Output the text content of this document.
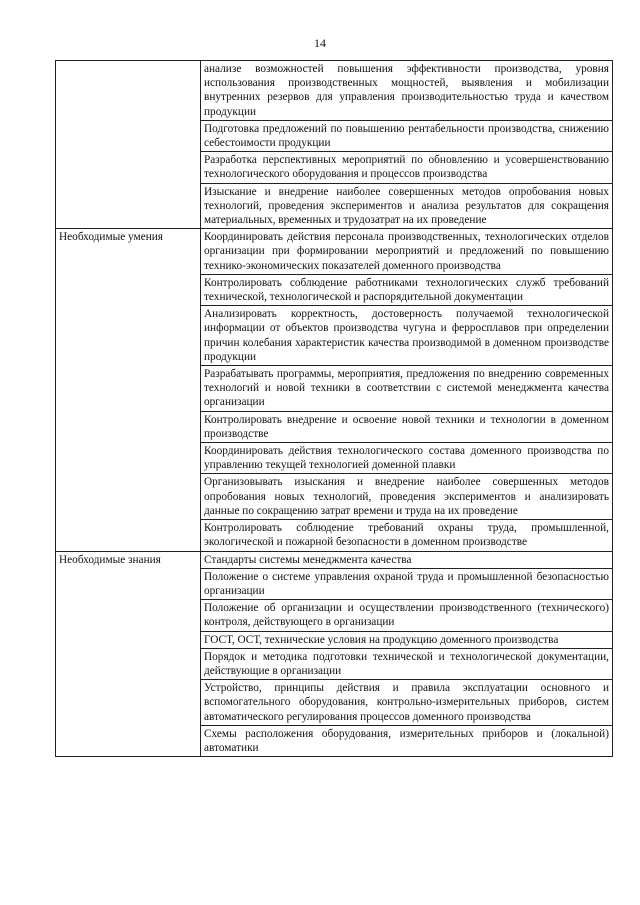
14
	анализе возможностей повышения эффективности производства, уровня использования производственных мощностей, выявления и мобилизации внутренних резервов для управления производительностью труда и качеством продукции
	Подготовка предложений по повышению рентабельности производства, снижению себестоимости продукции
	Разработка перспективных мероприятий по обновлению и усовершенствованию технологического оборудования и процессов производства
	Изыскание и внедрение наиболее совершенных методов опробования новых технологий, проведения экспериментов и анализа результатов для сокращения материальных, временных и трудозатрат на их проведение
Необходимые умения	Координировать действия персонала производственных, технологических отделов организации при формировании мероприятий и предложений по повышению технико-экономических показателей доменного производства
	Контролировать соблюдение работниками технологических служб требований технической, технологической и распорядительной документации
	Анализировать корректность, достоверность получаемой технологической информации от объектов производства чугуна и ферросплавов при определении причин колебания характеристик качества производимой в доменном производстве продукции
	Разрабатывать программы, мероприятия, предложения по внедрению современных технологий и новой техники в соответствии с системой менеджмента качества организации
	Контролировать внедрение и освоение новой техники и технологии в доменном производстве
	Координировать действия технологического состава доменного производства по управлению текущей технологией доменной плавки
	Организовывать изыскания и внедрение наиболее совершенных методов опробования новых технологий, проведения экспериментов и анализировать данные по сокращению затрат времени и труда на их проведение
	Контролировать соблюдение требований охраны труда, промышленной, экологической и пожарной безопасности в доменном производстве
Необходимые знания	Стандарты системы менеджмента качества
	Положение о системе управления охраной труда и промышленной безопасностью организации
	Положение об организации и осуществлении производственного (технического) контроля, действующего в организации
	ГОСТ, ОСТ, технические условия на продукцию доменного производства
	Порядок и методика подготовки технической и технологической документации, действующие в организации
	Устройство, принципы действия и правила эксплуатации основного и вспомогательного оборудования, контрольно-измерительных приборов, систем автоматического регулирования процессов доменного производства
	Схемы расположения оборудования, измерительных приборов и (локальной) автоматики
